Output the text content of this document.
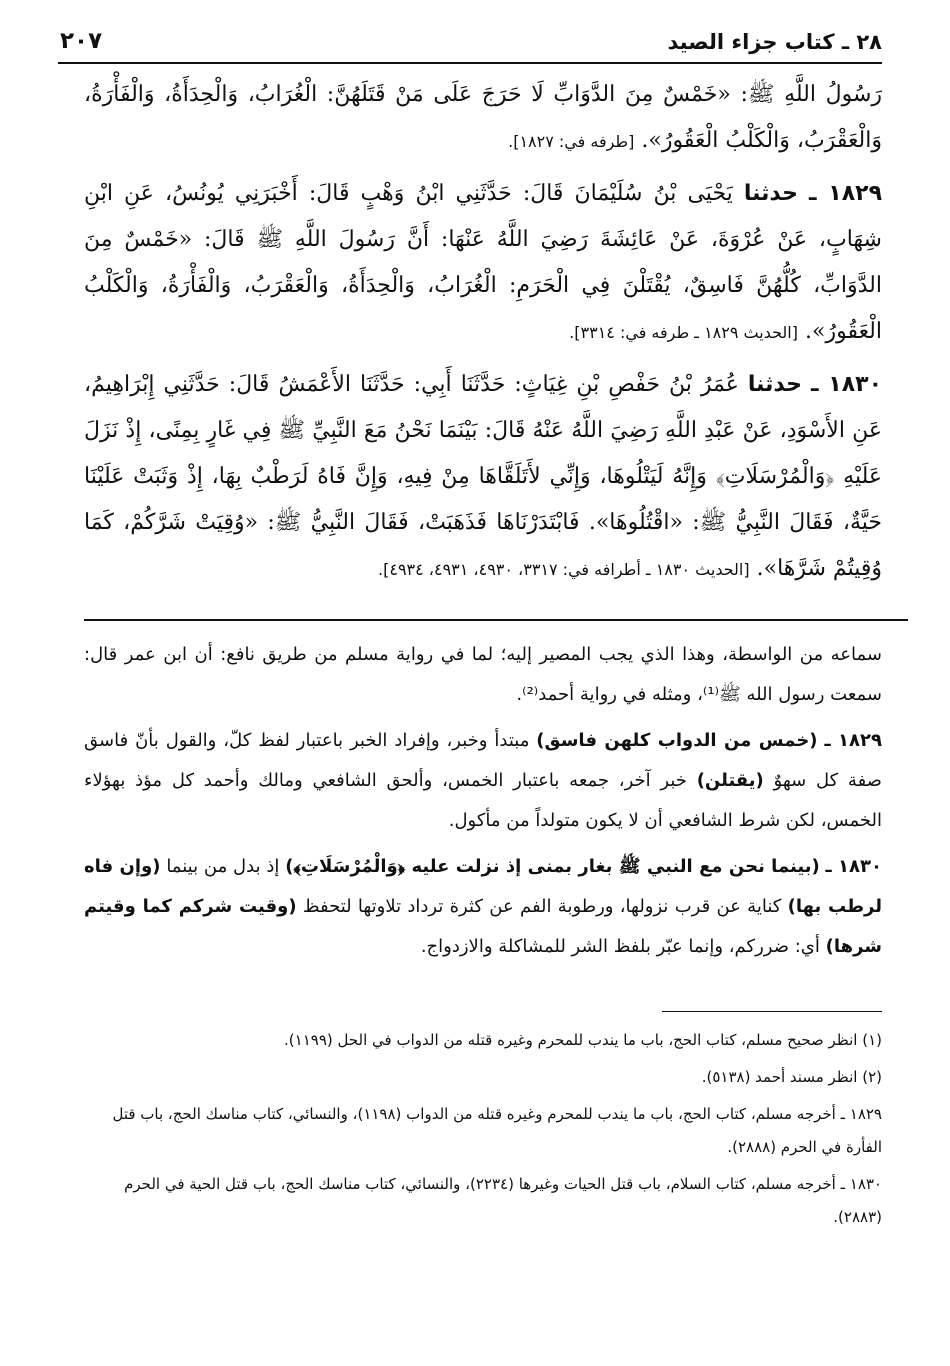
٢٨ ـ كتاب جزاء الصيد
٢٠٧

رَسُولُ اللَّهِ ﷺ: «خَمْسٌ مِنَ الدَّوَابِّ لَا حَرَجَ عَلَى مَنْ قَتَلَهُنَّ: الْغُرَابُ، وَالْحِدَأَةُ، وَالْفَأْرَةُ، وَالْعَقْرَبُ، وَالْكَلْبُ الْعَقُورُ». [طرفه في: ١٨٢٧].

١٨٢٩ ـ حدثنا يَحْيَى بْنُ سُلَيْمَانَ قَالَ: حَدَّثَنِي ابْنُ وَهْبٍ قَالَ: أَخْبَرَنِي يُونُسُ، عَنِ ابْنِ شِهَابٍ، عَنْ عُرْوَةَ، عَنْ عَائِشَةَ رَضِيَ اللَّهُ عَنْهَا: أَنَّ رَسُولَ اللَّهِ ﷺ قَالَ: «خَمْسٌ مِنَ الدَّوَابِّ، كُلُّهُنَّ فَاسِقٌ، يُقْتَلْنَ فِي الْحَرَمِ: الْغُرَابُ، وَالْحِدَأَةُ، وَالْعَقْرَبُ، وَالْفَأْرَةُ، وَالْكَلْبُ الْعَقُورُ». [الحديث ١٨٢٩ ـ طرفه في: ٣٣١٤].

١٨٣٠ ـ حدثنا عُمَرُ بْنُ حَفْصِ بْنِ غِيَاثٍ: حَدَّثَنَا أَبِي: حَدَّثَنَا الأَعْمَشُ قَالَ: حَدَّثَنِي إِبْرَاهِيمُ، عَنِ الأَسْوَدِ، عَنْ عَبْدِ اللَّهِ رَضِيَ اللَّهُ عَنْهُ قَالَ: بَيْنَمَا نَحْنُ مَعَ النَّبِيِّ ﷺ فِي غَارٍ بِمِنًى، إِذْ نَزَلَ عَلَيْهِ ﴿وَالْمُرْسَلَاتِ﴾ وَإِنَّهُ لَيَتْلُوهَا، وَإِنِّي لأَتَلَقَّاهَا مِنْ فِيهِ، وَإِنَّ فَاهُ لَرَطْبٌ بِهَا، إِذْ وَثَبَتْ عَلَيْنَا حَيَّةٌ، فَقَالَ النَّبِيُّ ﷺ: «اقْتُلُوهَا». فَابْتَدَرْنَاهَا فَذَهَبَتْ، فَقَالَ النَّبِيُّ ﷺ: «وُقِيَتْ شَرَّكُمْ، كَمَا وُقِيتُمْ شَرَّهَا». [الحديث ١٨٣٠ ـ أطرافه في: ٣٣١٧، ٤٩٣٠، ٤٩٣١، ٤٩٣٤].

سماعه من الواسطة، وهذا الذي يجب المصير إليه؛ لما في رواية مسلم من طريق نافع: أن ابن عمر قال: سمعت رسول الله ﷺ⁽¹⁾، ومثله في رواية أحمد⁽²⁾.

١٨٢٩ ـ (خمس من الدواب كلهن فاسق) مبتدأ وخبر، وإفراد الخبر باعتبار لفظ كلّ، والقول بأنّ فاسق صفة كل سهوٌ (يقتلن) خبر آخر، جمعه باعتبار الخمس، وألحق الشافعي ومالك وأحمد كل مؤذ بهؤلاء الخمس، لكن شرط الشافعي أن لا يكون متولداً من مأكول.

١٨٣٠ ـ (بينما نحن مع النبي ﷺ بغار بمنى إذ نزلت عليه ﴿وَالْمُرْسَلَاتِ﴾) إذ بدل من بينما (وإن فاه لرطب بها) كناية عن قرب نزولها، ورطوبة الفم عن كثرة ترداد تلاوتها لتحفظ (وقيت شركم كما وقيتم شرها) أي: ضرركم، وإنما عبّر بلفظ الشر للمشاكلة والازدواج.

(١) انظر صحيح مسلم، كتاب الحج، باب ما يندب للمحرم وغيره قتله من الدواب في الحل (١١٩٩).

(٢) انظر مسند أحمد (٥١٣٨).

١٨٢٩ ـ أخرجه مسلم، كتاب الحج، باب ما يندب للمحرم وغيره قتله من الدواب (١١٩٨)، والنسائي، كتاب مناسك الحج، باب قتل الفأرة في الحرم (٢٨٨٨).

١٨٣٠ ـ أخرجه مسلم، كتاب السلام، باب قتل الحيات وغيرها (٢٢٣٤)، والنسائي، كتاب مناسك الحج، باب قتل الحية في الحرم (٢٨٨٣).
